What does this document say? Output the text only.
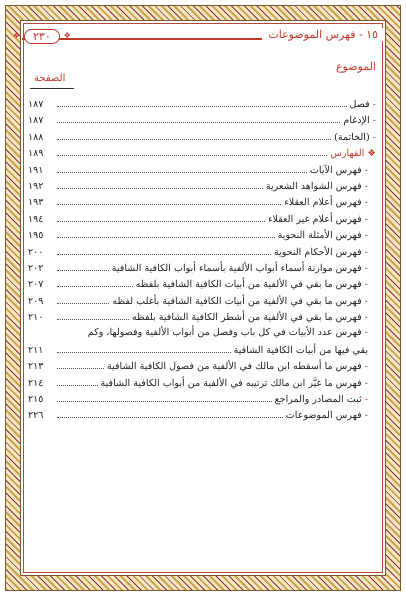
١٥ - فهرس الموضوعات
❖ ٢٣٠ ❖
الموضوع
الصفحة
- فصل
١٨٧
- الإدغام
١٨٧
- (الخاتمة)
١٨٨
❖ الفهارس
١٨٩
- فهرس الآيات
١٩١
- فهرس الشواهد الشعرية
١٩٢
- فهرس أعلام العقلاء
١٩٣
- فهرس أعلام غير العقلاء
١٩٤
- فهرس الأمثلة النحوية
١٩٥
- فهرس الأحكام النحوية
٢٠٠
- فهرس موازنة أسماء أبواب الألفية بأسماء أبواب الكافية الشافية
٢٠٢
- فهرس ما بقي في الألفية من أبيات الكافية الشافية بلفظه
٢٠٧
- فهرس ما بقي في الألفية من أبيات الكافية الشافية بأغلب لفظه
٢٠٩
- فهرس ما بقي في الألفية من أشطر الكافية الشافية بلفظه
٢١٠
- فهرس عدد الأبيات في كل باب وفصل من أبواب الألفية وفصولها، وكم
بقي فيها من أبيات الكافية الشافية
٢١١
- فهرس ما أسقطه ابن مالك في الألفية من فصول الكافية الشافية
٢١٣
- فهرس ما غيَّر ابن مالك ترتيبه في الألفية من أبواب الكافية الشافية
٢١٤
- ثبت المصادر والمراجع
٢١٥
- فهرس الموضوعات
٢٢٦
